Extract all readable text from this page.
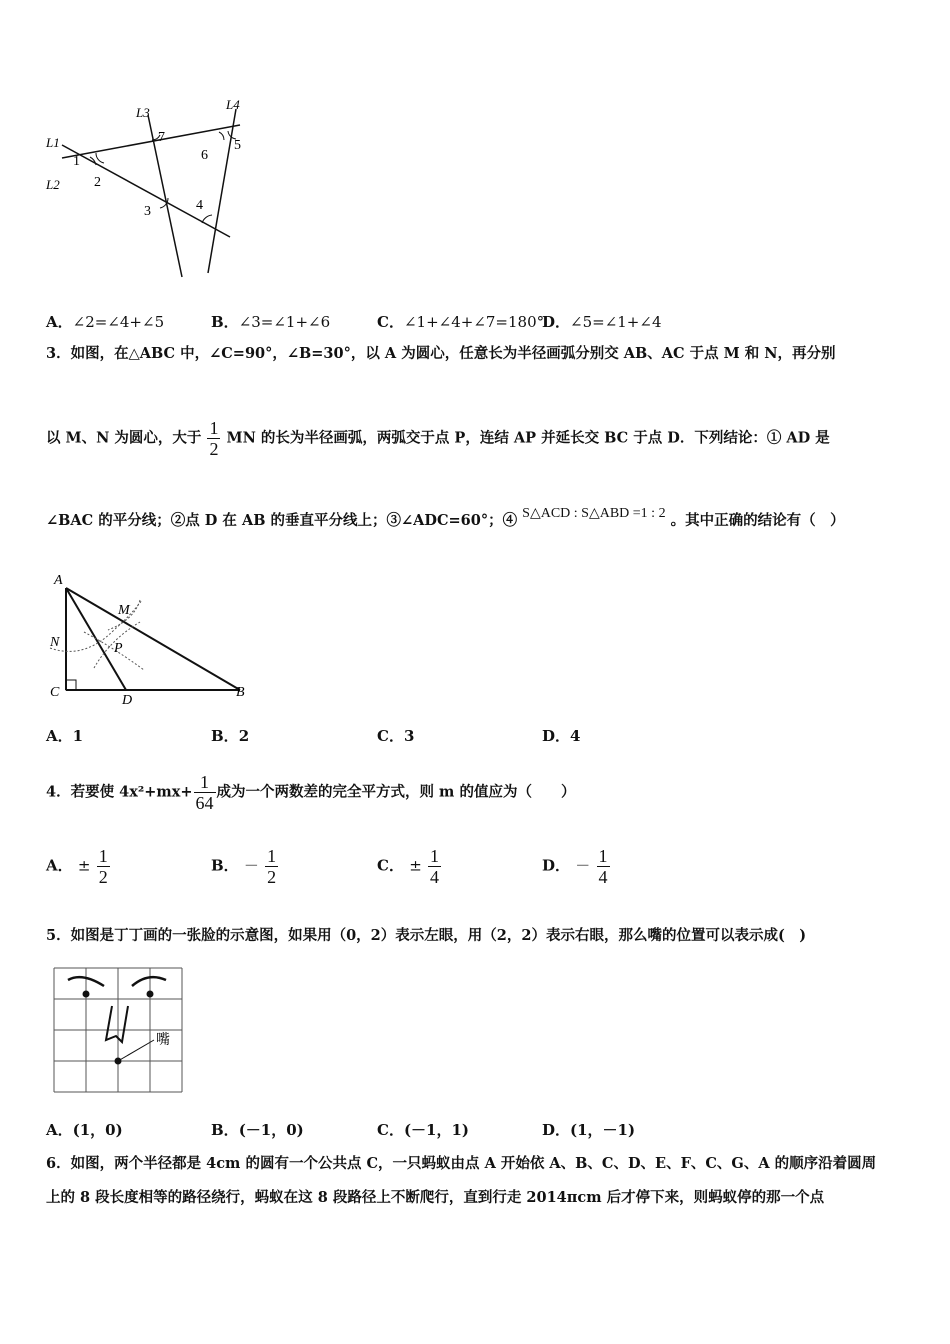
L1
L2
L3
L4
1
2
3	4
5
6
7
A．∠2=∠4+∠5	B．∠3=∠1+∠6	C．∠1+∠4+∠7=180°
D．∠5=∠1+∠4
3．如图，在△ABC 中，∠C=90°，∠B=30°，以 A 为圆心，任意长为半径画弧分别交 AB、AC 于点 M 和 N，再分别
以 M、N 为圆心，大于 $\frac{1}{2}$ MN 的长为半径画弧，两弧交于点 P，连结 AP 并延长交 BC 于点 D．下列结论：① AD 是
∠BAC 的平分线；②点 D 在 AB 的垂直平分线上；③∠ADC=60°；④ S△ACD : S△ABD =1 : 2 。其中正确的结论有（　）
A
M
N	P
C
D
B
A．1	B．2	C．3	D．4
4．若要使 $4x^2+mx+ \frac{1}{64}$ 成为一个两数差的完全平方式，则 m 的值应为（　　）
A． ± $\frac{1}{2}$	B． － $\frac{1}{2}$	C． ± $\frac{1}{4}$	D． － $\frac{1}{4}$
5．如图是丁丁画的一张脸的示意图，如果用（0，2）表示左眼，用（2，2）表示右眼，那么嘴的位置可以表示成(　)
嘴
A．(1，0)	B．(－1，0)	C．(－1，1)	D．(1，－1)
6．如图，两个半径都是 4cm 的圆有一个公共点 C，一只蚂蚁由点 A 开始依 A、B、C、D、E、F、C、G、A 的顺序沿着圆周
上的 8 段长度相等的路径绕行，蚂蚁在这 8 段路径上不断爬行，直到行走 2014πcm 后才停下来，则蚂蚁停的那一个点
